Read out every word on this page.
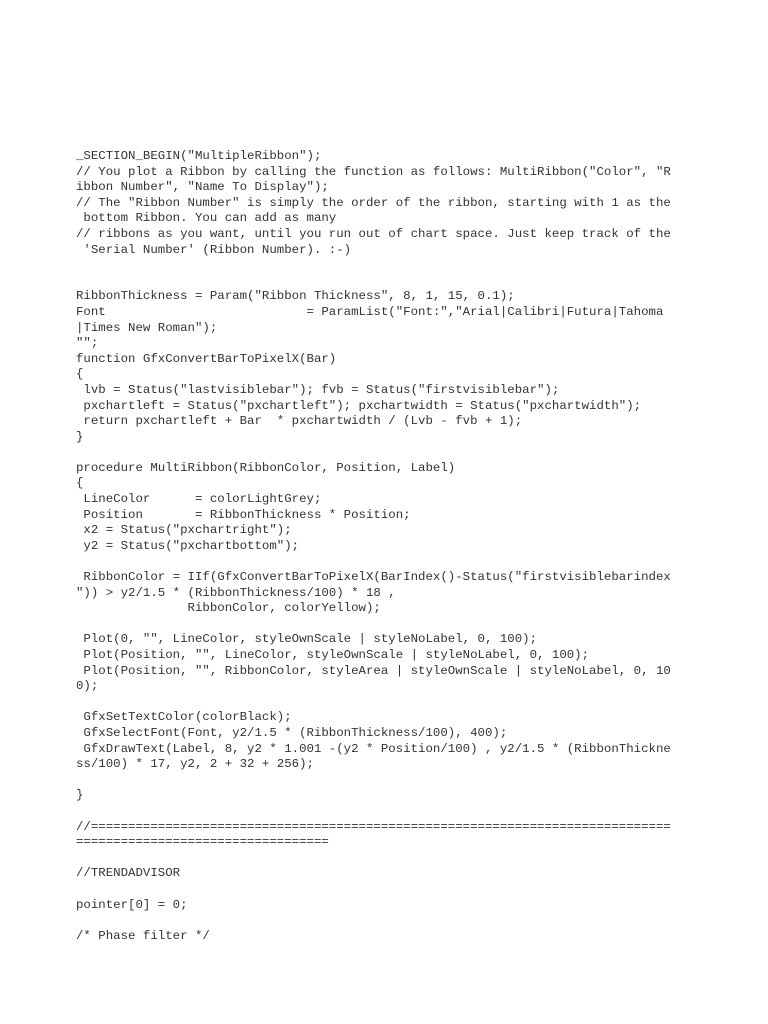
_SECTION_BEGIN("MultipleRibbon");
// You plot a Ribbon by calling the function as follows: MultiRibbon("Color", "R
ibbon Number", "Name To Display");
// The "Ribbon Number" is simply the order of the ribbon, starting with 1 as the
bottom Ribbon. You can add as many
// ribbons as you want, until you run out of chart space. Just keep track of the
'Serial Number' (Ribbon Number). :-)
RibbonThickness = Param("Ribbon Thickness", 8, 1, 15, 0.1);
Font                           = ParamList("Font:","Arial|Calibri|Futura|Tahoma
|Times New Roman");
"";
function GfxConvertBarToPixelX(Bar)
{
lvb = Status("lastvisiblebar"); fvb = Status("firstvisiblebar");
pxchartleft = Status("pxchartleft"); pxchartwidth = Status("pxchartwidth");
return pxchartleft + Bar  * pxchartwidth / (Lvb - fvb + 1);
}
procedure MultiRibbon(RibbonColor, Position, Label)
{
LineColor      = colorLightGrey;
Position       = RibbonThickness * Position;
x2 = Status("pxchartright");
y2 = Status("pxchartbottom");
RibbonColor = IIf(GfxConvertBarToPixelX(BarIndex()-Status("firstvisiblebarindex
")) > y2/1.5 * (RibbonThickness/100) * 18 ,
RibbonColor, colorYellow);
Plot(0, "", LineColor, styleOwnScale | styleNoLabel, 0, 100);
Plot(Position, "", LineColor, styleOwnScale | styleNoLabel, 0, 100);
Plot(Position, "", RibbonColor, styleArea | styleOwnScale | styleNoLabel, 0, 10
0);
GfxSetTextColor(colorBlack);
GfxSelectFont(Font, y2/1.5 * (RibbonThickness/100), 400);
GfxDrawText(Label, 8, y2 * 1.001 -(y2 * Position/100) , y2/1.5 * (RibbonThickne
ss/100) * 17, y2, 2 + 32 + 256);
}
//==============================================================================
==================================
//TRENDADVISOR
pointer[0] = 0;
/* Phase filter */
